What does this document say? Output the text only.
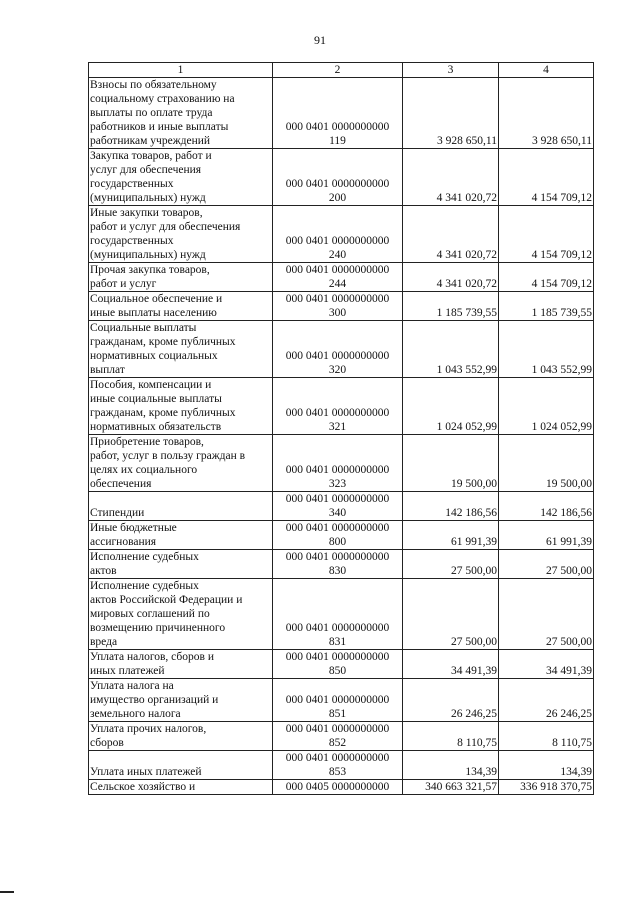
91
1	2	3	4
Взносы по обязательному
социальному страхованию на
выплаты по оплате труда
работников и иные выплаты
работникам учреждений	000 0401 0000000000
119	3 928 650,11	3 928 650,11
Закупка товаров, работ и
услуг для обеспечения
государственных
(муниципальных) нужд	000 0401 0000000000
200	4 341 020,72	4 154 709,12
Иные закупки товаров,
работ и услуг для обеспечения
государственных
(муниципальных) нужд	000 0401 0000000000
240	4 341 020,72	4 154 709,12
Прочая закупка товаров,
работ и услуг	000 0401 0000000000
244	4 341 020,72	4 154 709,12
Социальное обеспечение и
иные выплаты населению	000 0401 0000000000
300	1 185 739,55	1 185 739,55
Социальные выплаты
гражданам, кроме публичных
нормативных социальных
выплат	000 0401 0000000000
320	1 043 552,99	1 043 552,99
Пособия, компенсации и
иные социальные выплаты
гражданам, кроме публичных
нормативных обязательств	000 0401 0000000000
321	1 024 052,99	1 024 052,99
Приобретение товаров,
работ, услуг в пользу граждан в
целях их социального
обеспечения	000 0401 0000000000
323	19 500,00	19 500,00
Стипендии	000 0401 0000000000
340	142 186,56	142 186,56
Иные бюджетные
ассигнования	000 0401 0000000000
800	61 991,39	61 991,39
Исполнение судебных
актов	000 0401 0000000000
830	27 500,00	27 500,00
Исполнение судебных
актов Российской Федерации и
мировых соглашений по
возмещению причиненного
вреда	000 0401 0000000000
831	27 500,00	27 500,00
Уплата налогов, сборов и
иных платежей	000 0401 0000000000
850	34 491,39	34 491,39
Уплата налога на
имущество организаций и
земельного налога	000 0401 0000000000
851	26 246,25	26 246,25
Уплата прочих налогов,
сборов	000 0401 0000000000
852	8 110,75	8 110,75
Уплата иных платежей	000 0401 0000000000
853	134,39	134,39
Сельское хозяйство и	000 0405 0000000000	340 663 321,57	336 918 370,75
